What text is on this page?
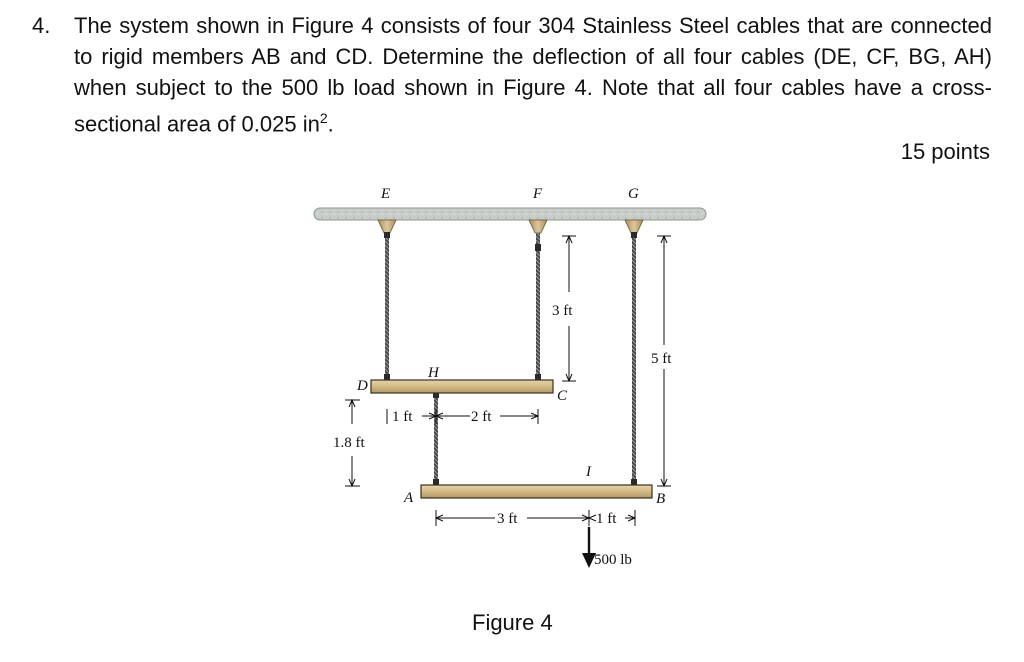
4. The system shown in Figure 4 consists of four 304 Stainless Steel cables that are connected to rigid members AB and CD. Determine the deflection of all four cables (DE, CF, BG, AH) when subject to the 500 lb load shown in Figure 4. Note that all four cables have a cross-sectional area of 0.025 $in^2$.
15 points
E	F	G
D
H
C
A	B
I
3 ft
5 ft
1.8 ft
1 ft	2 ft
3 ft	1 ft
500 lb
Figure 4
